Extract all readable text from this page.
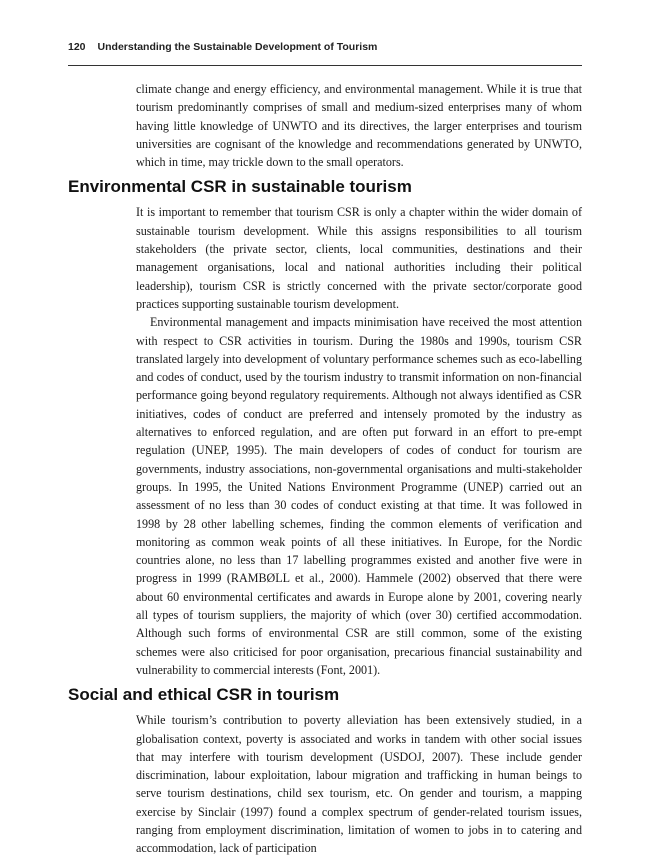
120 Understanding the Sustainable Development of Tourism

climate change and energy efficiency, and environmental management. While it is true that tourism predominantly comprises of small and medium-sized enterprises many of whom having little knowledge of UNWTO and its directives, the larger enterprises and tourism universities are cognisant of the knowledge and recommendations generated by UNWTO, which in time, may trickle down to the small operators.

Environmental CSR in sustainable tourism

It is important to remember that tourism CSR is only a chapter within the wider domain of sustainable tourism development. While this assigns responsibilities to all tourism stakeholders (the private sector, clients, local communities, destinations and their management organisations, local and national authorities including their political leadership), tourism CSR is strictly concerned with the private sector/corporate good practices supporting sustainable tourism development.

Environmental management and impacts minimisation have received the most attention with respect to CSR activities in tourism. During the 1980s and 1990s, tourism CSR translated largely into development of voluntary performance schemes such as eco-labelling and codes of conduct, used by the tourism industry to transmit information on non-financial performance going beyond regulatory requirements. Although not always identified as CSR initiatives, codes of conduct are preferred and intensely promoted by the industry as alternatives to enforced regulation, and are often put forward in an effort to pre-empt regulation (UNEP, 1995). The main developers of codes of conduct for tourism are governments, industry associations, non-governmental organisations and multi-stakeholder groups. In 1995, the United Nations Environment Programme (UNEP) carried out an assessment of no less than 30 codes of conduct existing at that time. It was followed in 1998 by 28 other labelling schemes, finding the common elements of verification and monitoring as common weak points of all these initiatives. In Europe, for the Nordic countries alone, no less than 17 labelling programmes existed and another five were in progress in 1999 (RAMBØLL et al., 2000). Hammele (2002) observed that there were about 60 environmental certificates and awards in Europe alone by 2001, covering nearly all types of tourism suppliers, the majority of which (over 30) certified accommodation. Although such forms of environmental CSR are still common, some of the existing schemes were also criticised for poor organisation, precarious financial sustainability and vulnerability to commercial interests (Font, 2001).

Social and ethical CSR in tourism

While tourism’s contribution to poverty alleviation has been extensively studied, in a globalisation context, poverty is associated and works in tandem with other social issues that may interfere with tourism development (USDOJ, 2007). These include gender discrimination, labour exploitation, labour migration and trafficking in human beings to serve tourism destinations, child sex tourism, etc. On gender and tourism, a mapping exercise by Sinclair (1997) found a complex spectrum of gender-related tourism issues, ranging from employment discrimination, limitation of women to jobs in to catering and accommodation, lack of participation
